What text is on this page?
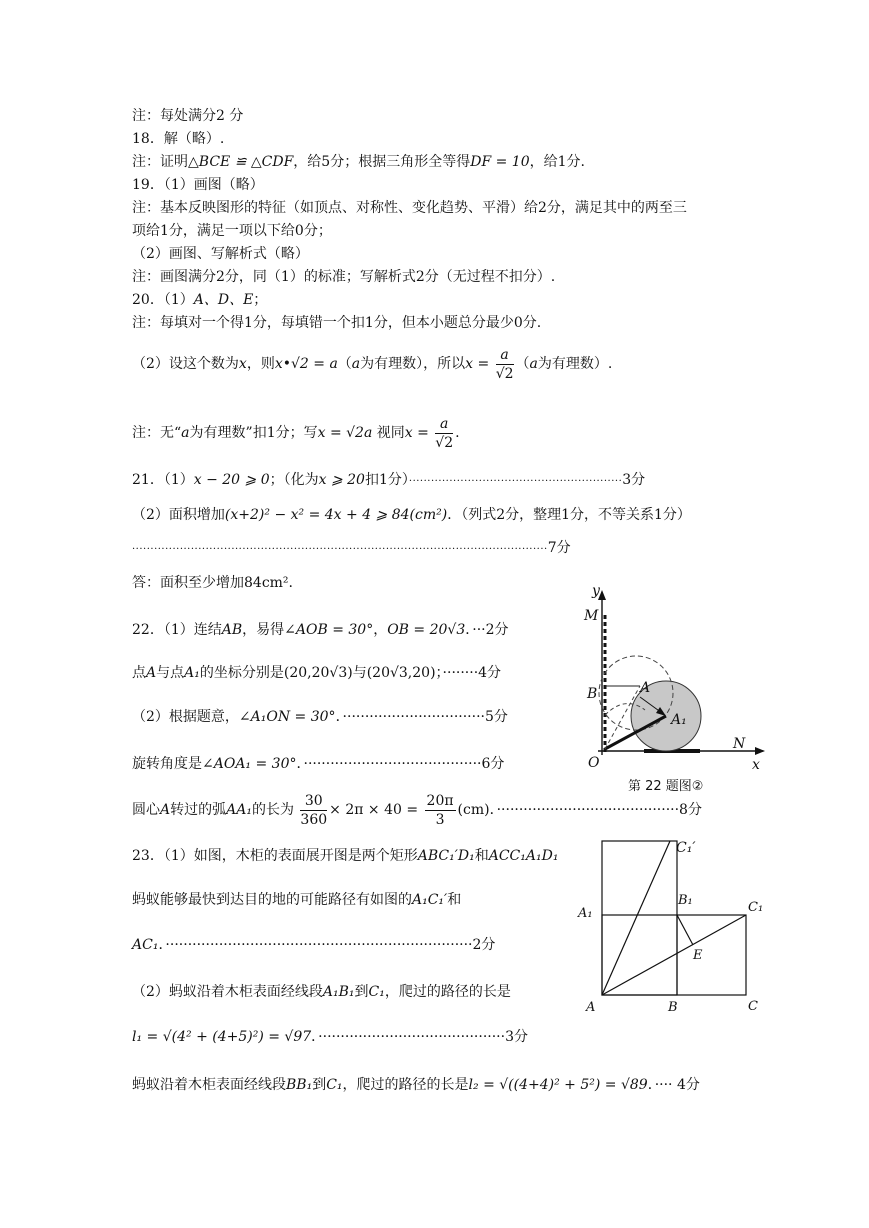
注：每处满分2 分
18．解（略）.
注：证明△BCE ≌ △CDF，给5分；根据三角形全等得DF = 10，给1分.
19．（1）画图（略）
注：基本反映图形的特征（如顶点、对称性、变化趋势、平滑）给2分，满足其中的两至三
项给1分，满足一项以下给0分；
（2）画图、写解析式（略）
注：画图满分2分，同（1）的标准；写解析式2分（无过程不扣分）.
20．（1）A、D、E；
注：每填对一个得1分，每填错一个扣1分，但本小题总分最少0分.
（2）设这个数为x，则x•√2 = a（a为有理数），所以$x = \frac{a}{√2} (a$为有理数）.
注：无“a为有理数”扣1分；写x = √2a 视同$x = \frac{a}{√2}$ .
21．（1）x − 20 ⩾ 0；（化为x ⩾ 20扣1分）··························································3分
（2）面积增加(x+2)² − x² = 4x + 4 ⩾ 84(cm²)．（列式2分，整理1分，不等关系1分）
·················································································································7分
答：面积至少增加84cm².
22．（1）连结AB，易得∠AOB = 30°，OB = 20√3．···2分
点A与点A₁的坐标分别是(20,20√3)与(20√3,20)；········4分
（2）根据题意，∠A₁ON = 30°．································5分
旋转角度是∠AOA₁ = 30°．········································6分
圆心A转过的弧AA₁的长为 $\frac{30}{360} \times 2\pi \times 40 = \frac{20\pi}{3} (cm)$．·········································8分
23．（1）如图，木柜的表面展开图是两个矩形ABC₁′D₁和ACC₁A₁D₁
蚂蚁能够最快到达目的地的可能路径有如图的A₁C₁′和
AC₁．·····································································2分
（2）蚂蚁沿着木柜表面经线段A₁B₁到C₁，爬过的路径的长是
l₁ = √(4² + (4+5)²) = √97．··········································3分
蚂蚁沿着木柜表面经线段BB₁到C₁，爬过的路径的长是l₂ = √((4+4)² + 5²) = √89．···· 4分
y
M
B	A
A₁
O
N
x
第 22 题图②
C₁′
B₁
A₁	C₁
E
A	B	C
